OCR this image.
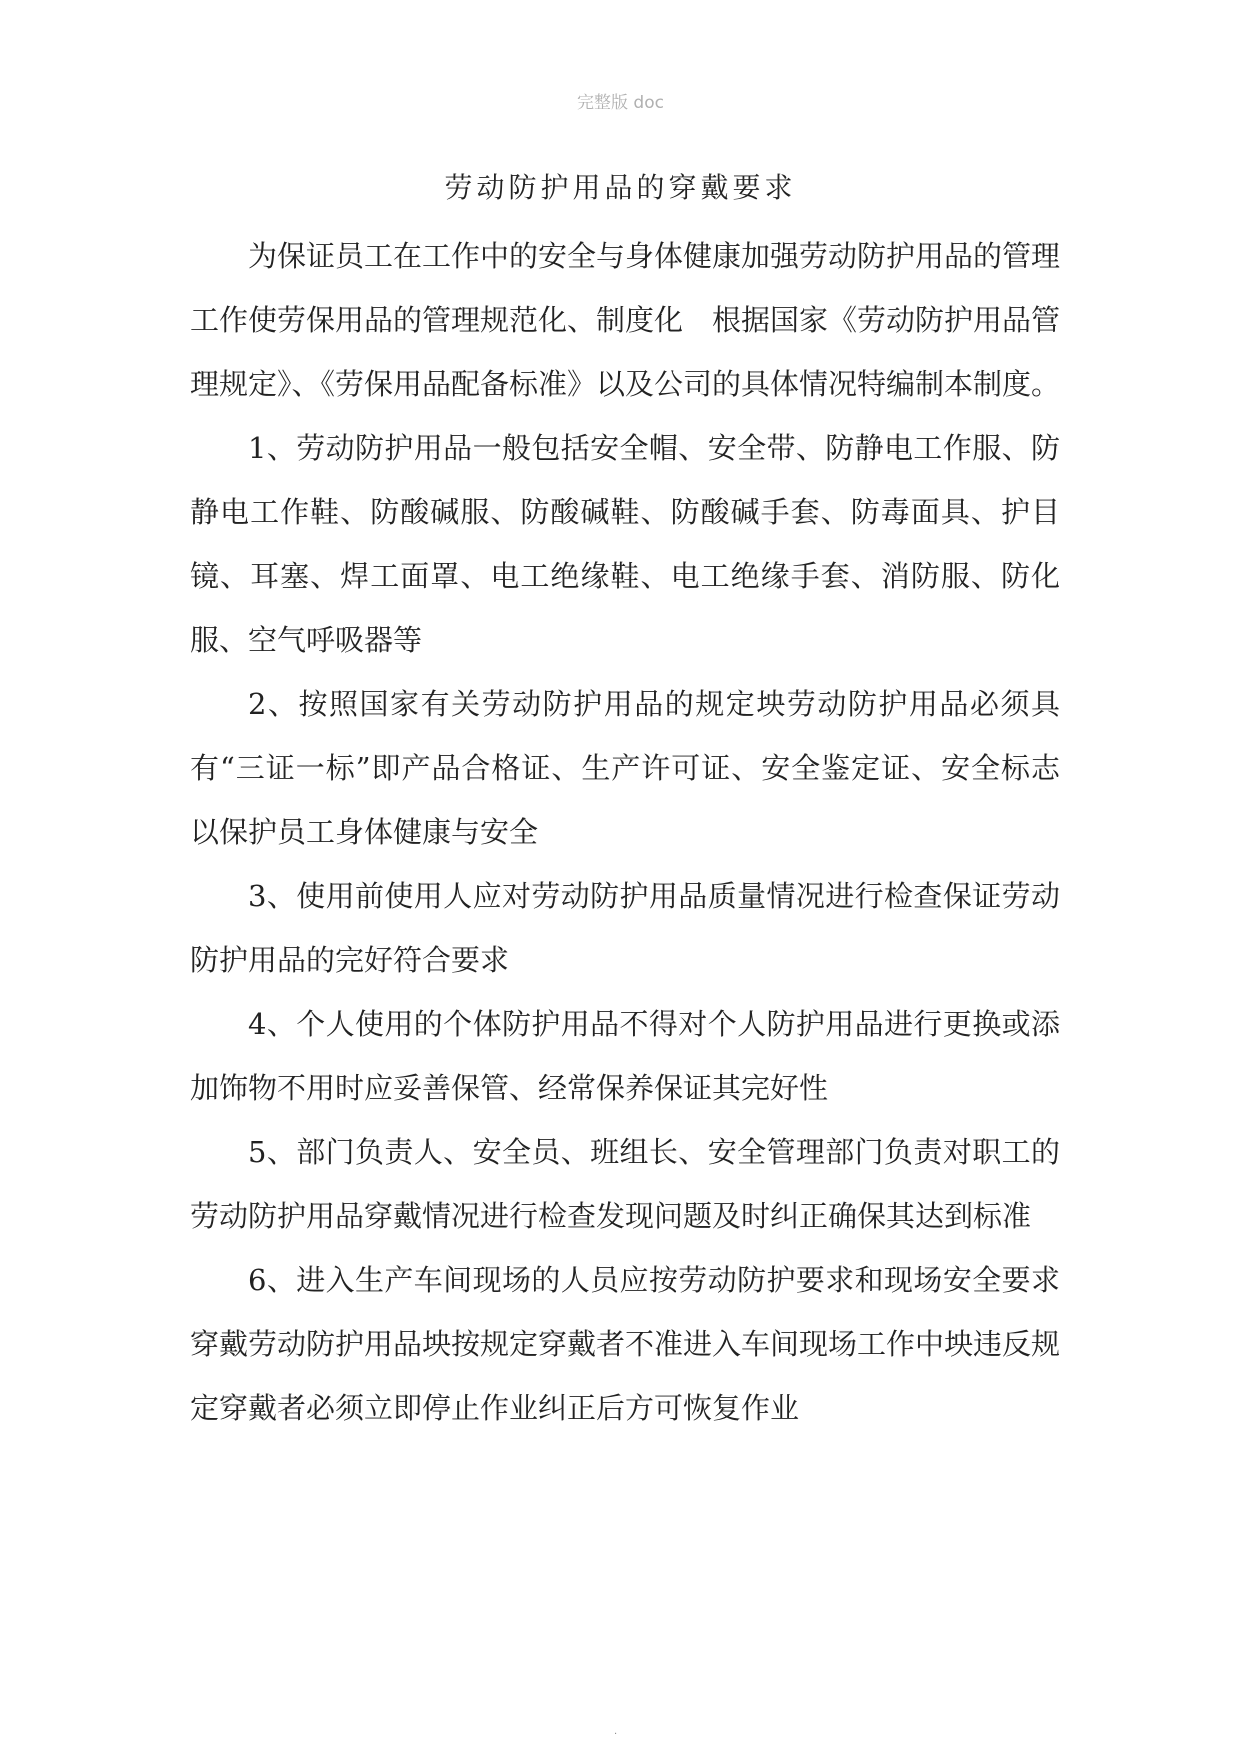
完整版 doc
劳动防护用品的穿戴要求

为保证员工在工作中的安全与身体健康加强劳动防护用品的管理工作使劳保用品的管理规范化、制度化　根据国家《劳动防护用品管理规定》、《劳保用品配备标准》以及公司的具体情况特编制本制度。

1、劳动防护用品一般包括安全帽、安全带、防静电工作服、防静电工作鞋、防酸碱服、防酸碱鞋、防酸碱手套、防毒面具、护目镜、耳塞、焊工面罩、电工绝缘鞋、电工绝缘手套、消防服、防化服、空气呼吸器等

2、按照国家有关劳动防护用品的规定坱劳动防护用品必须具有“三证一标”即产品合格证、生产许可证、安全鉴定证、安全标志以保护员工身体健康与安全

3、使用前使用人应对劳动防护用品质量情况进行检查保证劳动防护用品的完好符合要求

4、个人使用的个体防护用品不得对个人防护用品进行更换或添加饰物不用时应妥善保管、经常保养保证其完好性

5、部门负责人、安全员、班组长、安全管理部门负责对职工的劳动防护用品穿戴情况进行检查发现问题及时纠正确保其达到标准

6、进入生产车间现场的人员应按劳动防护要求和现场安全要求穿戴劳动防护用品坱按规定穿戴者不准进入车间现场工作中坱违反规定穿戴者必须立即停止作业纠正后方可恢复作业

.
